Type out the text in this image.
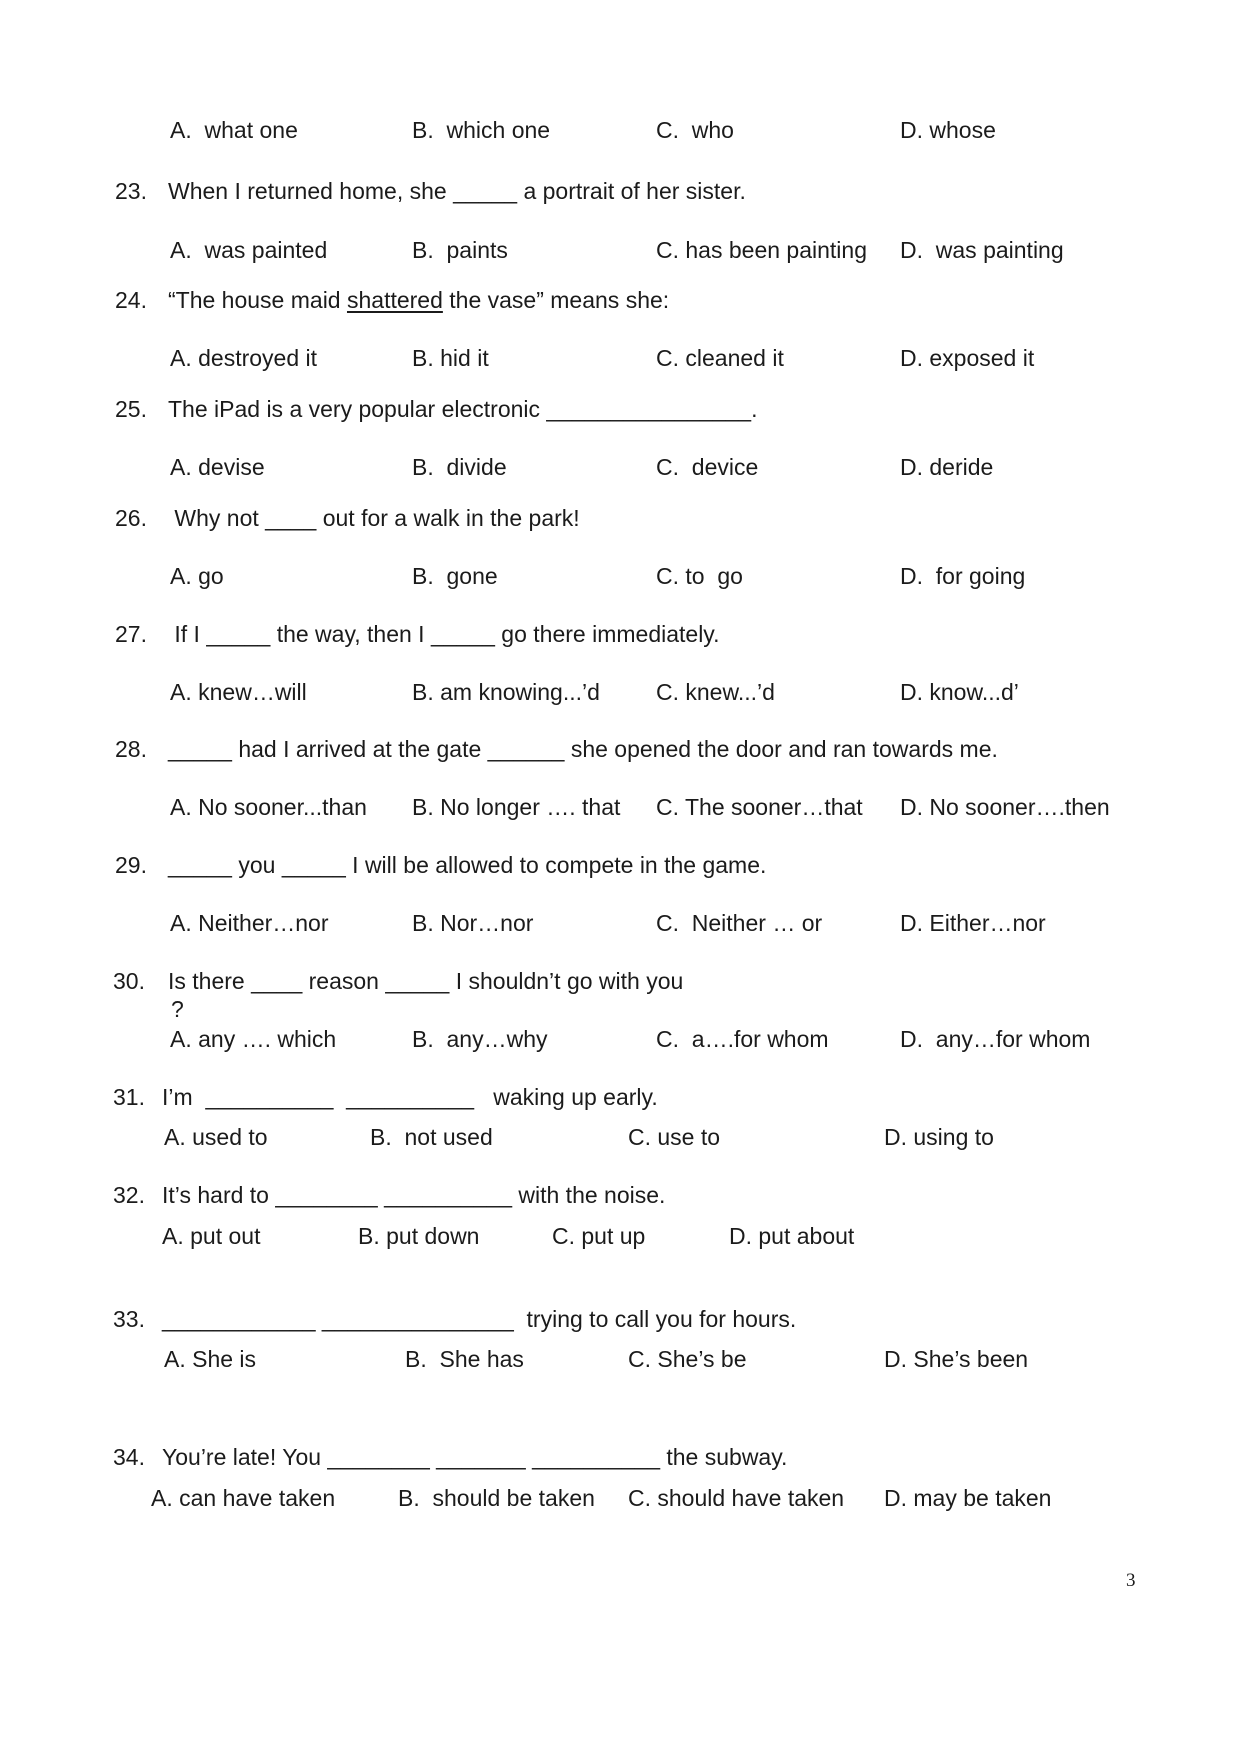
A.  what one	B.  which one	C.  who	D. whose
23. When I returned home, she _____ a portrait of her sister.
A.  was painted	B.  paints	C. has been painting D.  was painting
24. “The house maid shattered the vase” means she:
A. destroyed it	B. hid it	C. cleaned it	D. exposed it
25. The iPad is a very popular electronic ________________.
A. devise	B.  divide	C.  device	D. deride
26. Why not ____ out for a walk in the park!
A. go	B.  gone	C. to  go	D.  for going
27. If I _____ the way, then I _____ go there immediately.
A. knew…will	B. am knowing...’d C. knew...’d	D. know...d’
28. _____ had I arrived at the gate ______ she opened the door and ran towards me.
A. No sooner...than B. No longer …. that C. The sooner…that D. No sooner….then
29. _____ you _____ I will be allowed to compete in the game.
A. Neither…nor	B. Nor…nor	C.  Neither … or	D. Either…nor
30. Is there ____ reason _____ I shouldn’t go with you
?
A. any …. which	B.  any…why	C.  a….for whom	D.  any…for whom
31. I’m  __________  __________   waking up early.
A. used to	B.  not used	C. use to	D. using to
32. It’s hard to ________ __________ with the noise.
A. put out	B. put down	C. put up	D. put about
33. ____________ _______________  trying to call you for hours.
A. She is	B.  She has	C. She’s be	D. She’s been
34. You’re late! You ________ _______ __________ the subway.
A. can have taken	B.  should be taken C. should have taken D. may be taken
3
